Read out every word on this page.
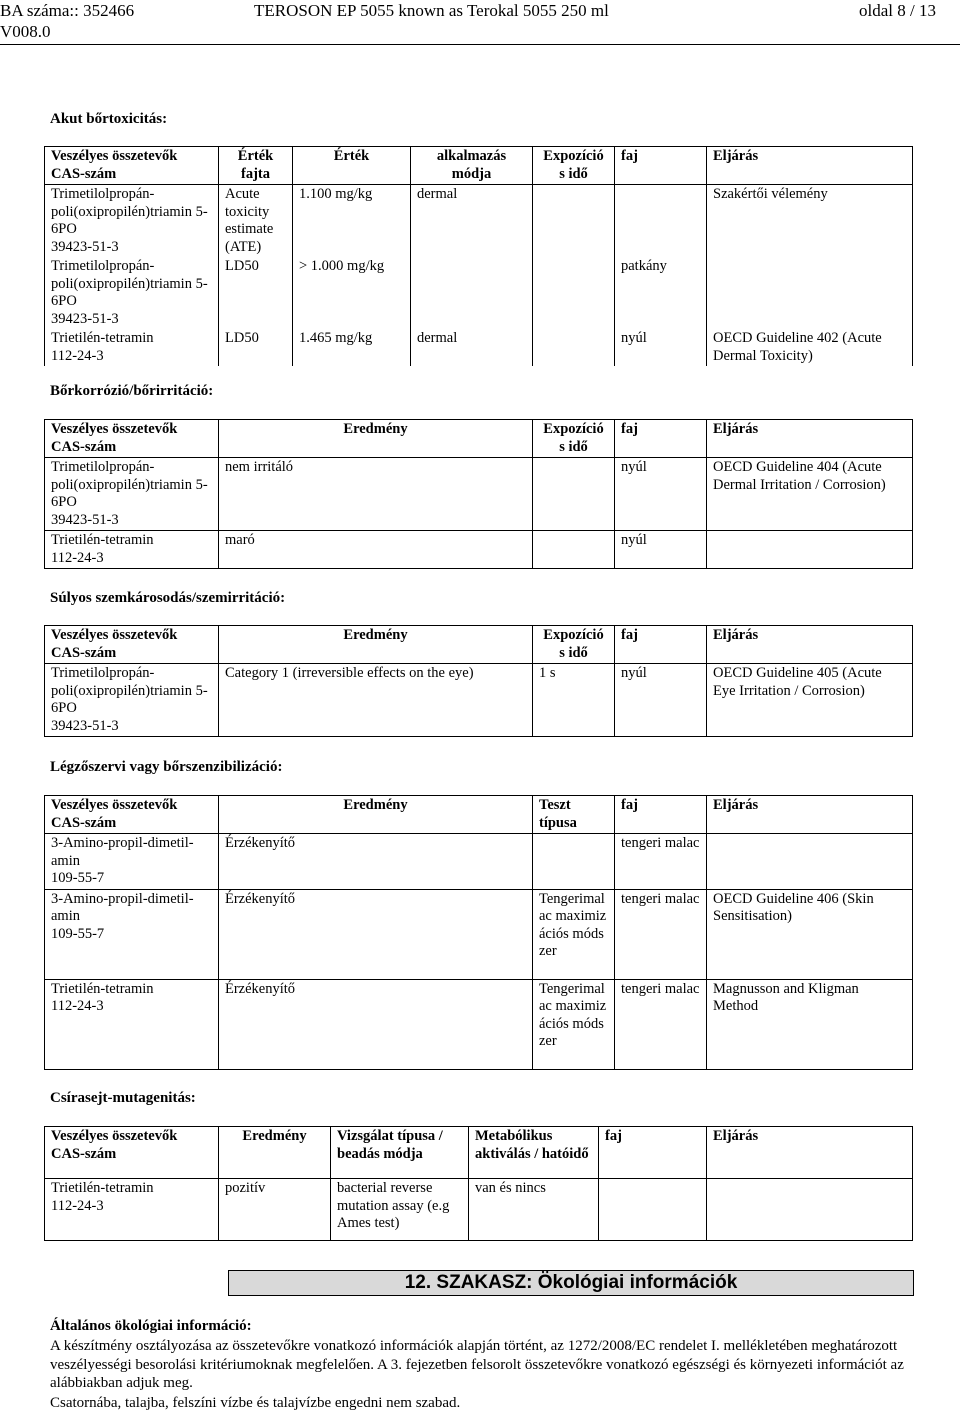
BA száma:: 352466
V008.0
TEROSON EP 5055 known as Terokal 5055 250 ml	oldal 8 / 13
Akut bőrtoxicitás:
Veszélyes összetevők CAS-szám	Érték fajta	Érték	alkalmazás módja	Expozíció s idő	faj	Eljárás

Trimetilolpropán-poli(oxipropilén)triamin 5-6PO
39423-51-3	Acute toxicity estimate (ATE)	1.100 mg/kg	dermal			Szakértői vélemény

Trimetilolpropán-poli(oxipropilén)triamin 5-6PO
39423-51-3	LD50	> 1.000 mg/kg			patkány	

Trietilén-tetramin
112-24-3	LD50	1.465 mg/kg	dermal		nyúl	OECD Guideline 402 (Acute Dermal Toxicity)
Bőrkorrózió/bőrirritáció:
Veszélyes összetevők CAS-szám	Eredmény	Expozíció s idő	faj	Eljárás

Trimetilolpropán-poli(oxipropilén)triamin 5-6PO
39423-51-3	nem irritáló		nyúl	OECD Guideline 404 (Acute Dermal Irritation / Corrosion)

Trietilén-tetramin
112-24-3	maró		nyúl	
Súlyos szemkárosodás/szemirritáció:
Veszélyes összetevők CAS-szám	Eredmény	Expozíció s idő	faj	Eljárás

Trimetilolpropán-poli(oxipropilén)triamin 5-6PO
39423-51-3	Category 1 (irreversible effects on the eye)	1 s	nyúl	OECD Guideline 405 (Acute Eye Irritation / Corrosion)
Légzőszervi vagy bőrszenzibilizáció:
Veszélyes összetevők CAS-szám	Eredmény	Teszt típusa	faj	Eljárás

3-Amino-propil-dimetil-amin
109-55-7	Érzékenyítő		tengeri malac	

3-Amino-propil-dimetil-amin
109-55-7	Érzékenyítő	Tengerimalac maximizációs módszer	tengeri malac	OECD Guideline 406 (Skin Sensitisation)

Trietilén-tetramin
112-24-3	Érzékenyítő	Tengerimalac maximizációs módszer	tengeri malac	Magnusson and Kligman Method
Csírasejt-mutagenitás:
Veszélyes összetevők CAS-szám	Eredmény	Vizsgálat típusa / beadás módja	Metabólikus aktiválás / hatóidő	faj	Eljárás

Trietilén-tetramin
112-24-3	pozitív	bacterial reverse mutation assay (e.g Ames test)	van és nincs		
12. SZAKASZ: Ökológiai információk
Általános ökológiai információ:
A készítmény osztályozása az összetevőkre vonatkozó információk alapján történt, az 1272/2008/EC rendelet I. mellékletében meghatározott veszélyességi besorolási kritériumoknak megfelelően. A 3. fejezetben felsorolt összetevőkre vonatkozó egészségi és környezeti információt az alábbiakban adjuk meg.
Csatornába, talajba, felszíni vízbe és talajvízbe engedni nem szabad.
